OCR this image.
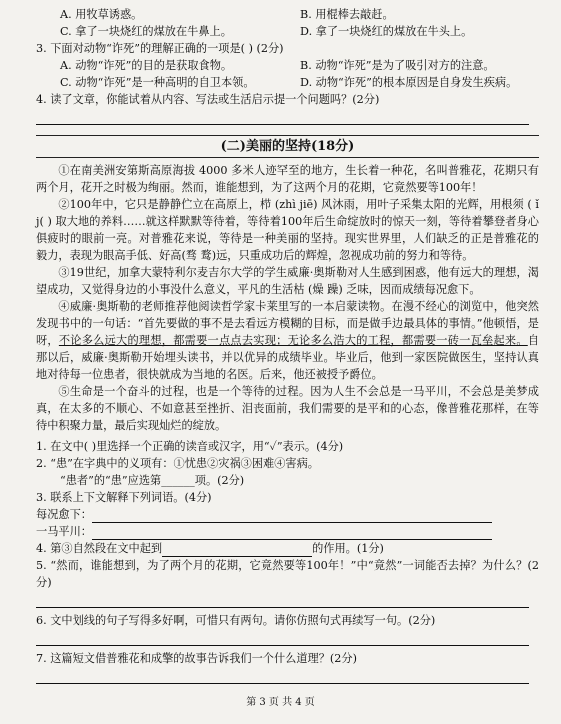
A. 用牧草诱惑。	B. 用棍棒去敲赶。
C. 拿了一块烧红的煤放在牛鼻上。	D. 拿了一块烧红的煤放在牛头上。
3. 下面对动物“诈死”的理解正确的一项是( ) (2分)
A. 动物“诈死”的目的是获取食物。	B. 动物“诈死”是为了吸引对方的注意。
C. 动物“诈死”是一种高明的自卫本领。	D. 动物“诈死”的根本原因是自身发生疾病。
4. 读了文章，你能试着从内容、写法或生活启示提一个问题吗？(2分)
(二)美丽的坚持(18分)

①在南美洲安第斯高原海拔 4000 多米人迹罕至的地方，生长着一种花，名叫普雅花，花期只有两个月，花开之时极为绚丽。然而，谁能想到，为了这两个月的花期，它竟然要等100年！

②100年中，它只是静静伫立在高原上，栉 (zhì jiē) 风沐雨，用叶子采集太阳的光辉，用根须 ( ǐ j( ) 取大地的养料……就这样默默等待着，等待着100年后生命绽放时的惊天一刻，等待着攀登者身心俱疲时的眼前一亮。对普雅花来说，等待是一种美丽的坚持。现实世界里，人们缺乏的正是普雅花的毅力，表现为眼高手低、好高(骛 鹜)远，只重成功后的辉煌，忽视成功前的努力和等待。

③19世纪，加拿大蒙特利尔麦吉尔大学的学生威廉·奥斯勒对人生感到困惑，他有远大的理想，渴望成功，又觉得身边的小事没什么意义，平凡的生活枯 (燥 躁) 乏味，因而成绩每况愈下。

④威廉·奥斯勒的老师推荐他阅读哲学家卡莱里写的一本启蒙读物。在漫不经心的浏览中，他突然发现书中的一句话：“首先要做的事不是去看远方模糊的目标，而是做手边最具体的事情。”他顿悟，是呀，不论多么远大的理想，都需要一点点去实现；无论多么浩大的工程，都需要一砖一瓦垒起来。自那以后，威廉·奥斯勒开始埋头读书，并以优异的成绩毕业。毕业后，他到一家医院做医生，坚持认真地对待每一位患者，很快就成为当地的名医。后来，他还被授予爵位。

⑤生命是一个奋斗的过程，也是一个等待的过程。因为人生不会总是一马平川，不会总是美梦成真，在太多的不顺心、不如意甚至挫折、泪丧面前，我们需要的是平和的心态，像普雅花那样，在等待中积聚力量，最后实现灿烂的绽放。

1. 在文中( )里选择一个正确的读音或汉字，用“✓”表示。(4分)
2. “患”在字典中的义项有：①忧患②灾祸③困难④害病。
“患者”的“患”应选第______项。(2分)
3. 联系上下文解释下列词语。(4分)
每况愈下：
一马平川：
4. 第③自然段在文中起到	的作用。(1分)
5. “然而，谁能想到，为了两个月的花期，它竟然要等100年！”中“竟然”一词能否去掉？为什么？(2分)
6. 文中划线的句子写得多好啊，可惜只有两句。请你仿照句式再续写一句。(2分)
7. 这篇短文借普雅花和成擎的故事告诉我们一个什么道理？(2分)
第 3 页 共 4 页
